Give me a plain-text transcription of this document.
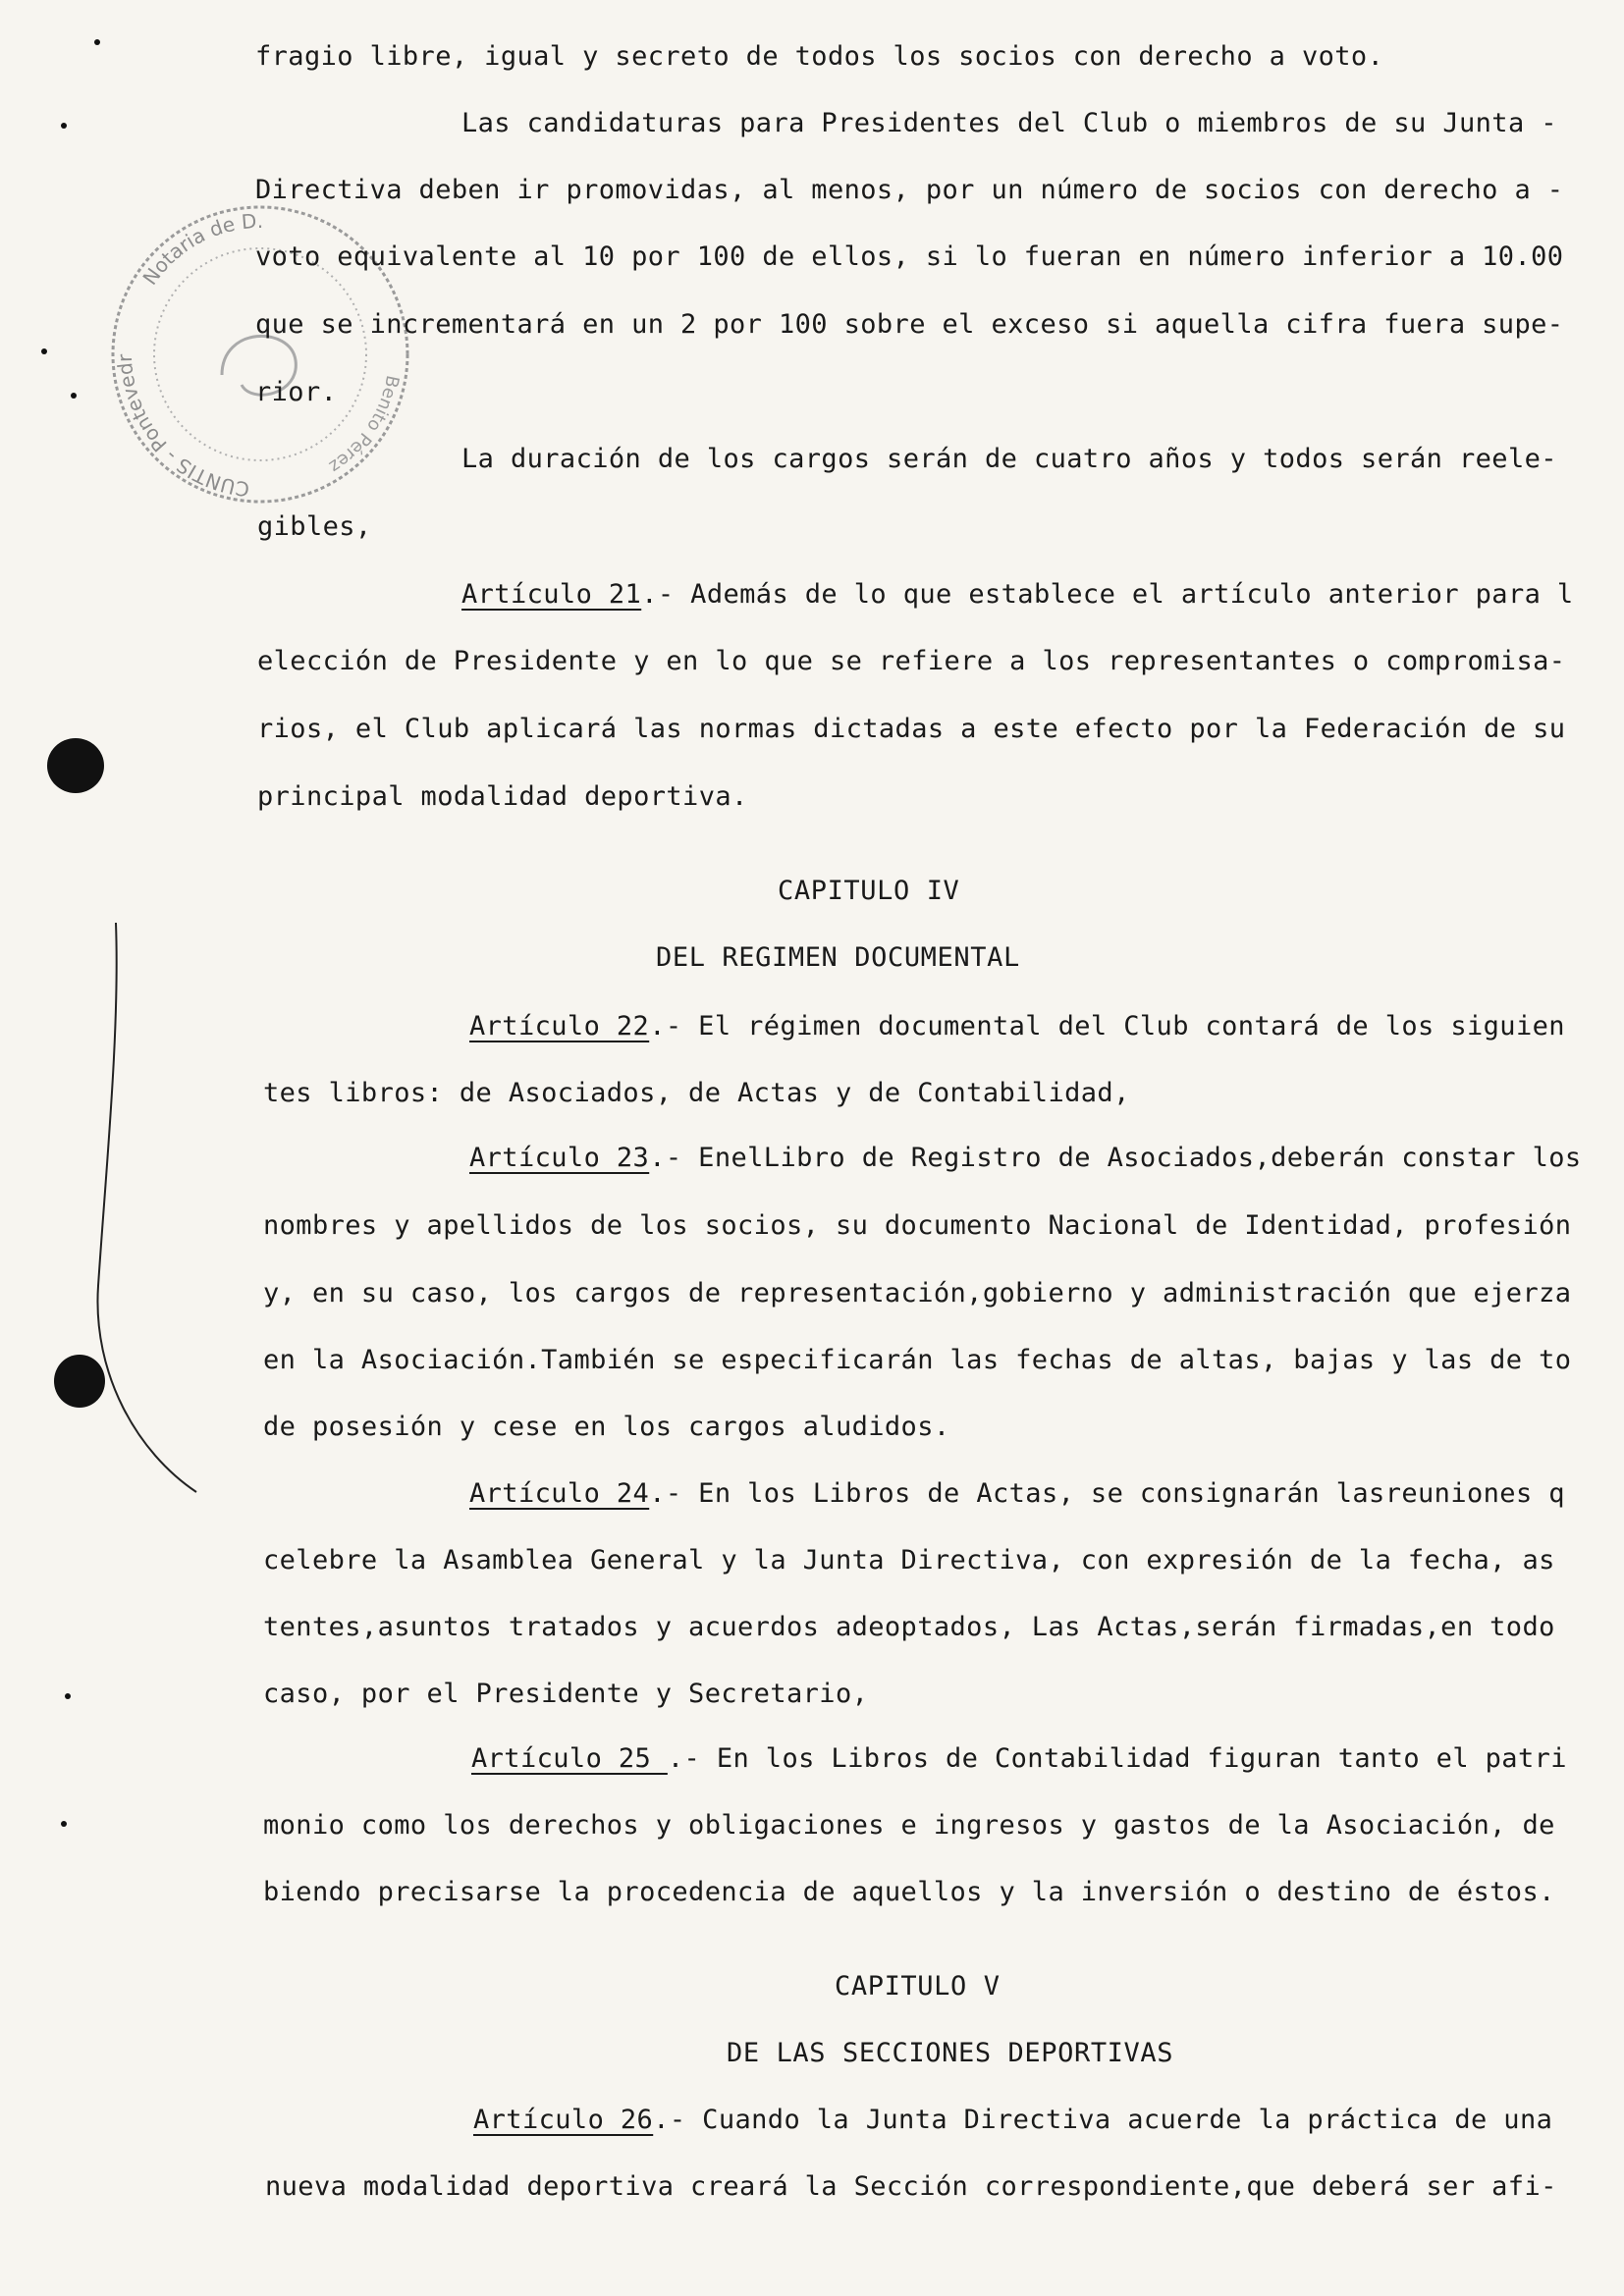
Notaria de D.
CUNTIS - Pontevedr
Benito Pérez
fragio libre, igual y secreto de todos los socios con derecho a voto.
Las candidaturas para Presidentes del Club o miembros de su Junta -
Directiva deben ir promovidas, al menos, por un número de socios con derecho a -
voto equivalente al 10 por 100 de ellos, si lo fueran en número inferior a 10.00
que se incrementará en un 2 por 100 sobre el exceso si aquella cifra fuera supe-
rior.
La duración de los cargos serán de cuatro años y todos serán reele-
gibles,
Artículo 21.- Además de lo que establece el artículo anterior para l
elección de Presidente y en lo que se refiere a los representantes o compromisa-
rios, el Club aplicará las normas dictadas a este efecto por la Federación de su
principal modalidad deportiva.
CAPITULO IV
DEL REGIMEN DOCUMENTAL
Artículo 22.- El régimen documental del Club contará de los siguien
tes libros: de Asociados, de Actas y de Contabilidad,
Artículo 23.- EnelLibro de Registro de Asociados,deberán constar los
nombres y apellidos de los socios, su documento Nacional de Identidad, profesión
y, en su caso, los cargos de representación,gobierno y administración que ejerza
en la Asociación.También se especificarán las fechas de altas, bajas y las de to
de posesión y cese en los cargos aludidos.
Artículo 24.- En los Libros de Actas, se consignarán lasreuniones q
celebre la Asamblea General y la Junta Directiva, con expresión de la fecha, as
tentes,asuntos tratados y acuerdos adeoptados, Las Actas,serán firmadas,en todo
caso, por el Presidente y Secretario,
Artículo 25 .- En los Libros de Contabilidad figuran tanto el patri
monio como los derechos y obligaciones e ingresos y gastos de la Asociación, de
biendo precisarse la procedencia de aquellos y la inversión o destino de éstos.
CAPITULO V
DE LAS SECCIONES DEPORTIVAS
Artículo 26.- Cuando la Junta Directiva acuerde la práctica de una
nueva modalidad deportiva creará la Sección correspondiente,que deberá ser afi-
